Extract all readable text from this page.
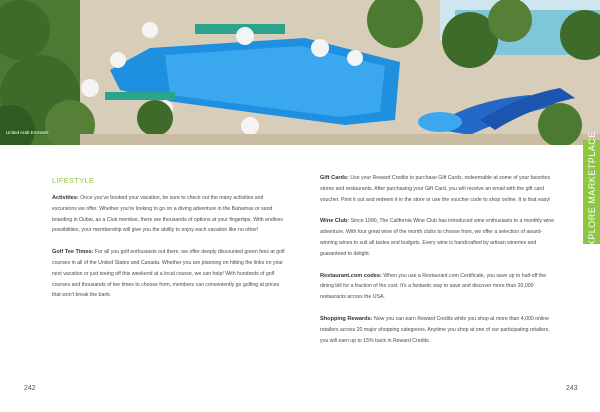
United Arab Emirates	EXPLORE MARKETPLACE
LIFESTYLE

Activities: Once you've booked your vacation, be sure to check out the many activities and excursions we offer. Whether you're looking to go on a diving adventure in the Bahamas or sand boarding in Dubai, as a Club member, there are thousands of options at your fingertips. With endless possibilities, your membership will give you the ability to enjoy each vacation like no other!

Golf Tee Times: For all you golf enthusiasts out there, we offer deeply discounted green fees at golf courses in all of the United States and Canada. Whether you are planning on hitting the links on your next vacation or just teeing off this weekend at a local course, we can help! With hundreds of golf courses and thousands of tee times to choose from, members can conveniently go golfing at prices that won't break the bank.

Gift Cards: Use your Reward Credits to purchase Gift Cards, redeemable at some of your favorites stores and restaurants. After purchasing your Gift Card, you will receive an email with the gift card voucher. Print it out and redeem it in the store or use the voucher code to shop online. It is that easy!

Wine Club: Since 1990, The California Wine Club has introduced wine enthusiasts to a monthly wine adventure. With four great wine of the month clubs to choose from, we offer a selection of award-winning wines to suit all tastes and budgets. Every wine is handcrafted by artisan wineries and guaranteed to delight.

Restaurant.com codes: When you use a Restaurant.com Certificate, you save up to half-off the dining bill for a fraction of the cost. It's a fantastic way to save and discover more than 20,000 restaurants across the USA.

Shopping Rewards: Now you can earn Reward Credits while you shop at more than 4,000 online retailers across 20 major shopping categories. Anytime you shop at one of our participating retailers, you will earn up to 15% back in Reward Credits.

242	243
